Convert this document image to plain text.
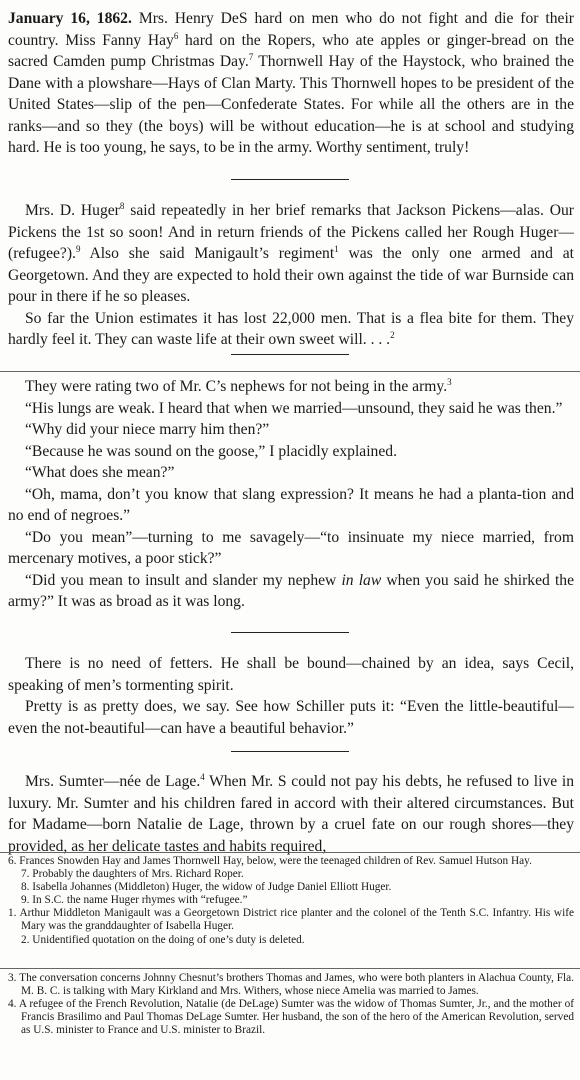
January 16, 1862. Mrs. Henry DeS hard on men who do not fight and die for their country. Miss Fanny Hay$^6$ hard on the Ropers, who ate apples or ginger-bread on the sacred Camden pump Christmas Day.$^7$ Thornwell Hay of the Haystock, who brained the Dane with a plowshare—Hays of Clan Marty. This Thornwell hopes to be president of the United States—slip of the pen—Confederate States. For while all the others are in the ranks—and so they (the boys) will be without education—he is at school and studying hard. He is too young, he says, to be in the army. Worthy sentiment, truly!

Mrs. D. Huger$^8$ said repeatedly in her brief remarks that Jackson Pickens—alas. Our Pickens the 1st so soon! And in return friends of the Pickens called her Rough Huger—(refugee?).$^9$ Also she said Manigault’s regiment$^1$ was the only one armed and at Georgetown. And they are expected to hold their own against the tide of war Burnside can pour in there if he so pleases.

So far the Union estimates it has lost 22,000 men. That is a flea bite for them. They hardly feel it. They can waste life at their own sweet will. . . .$^2$

They were rating two of Mr. C’s nephews for not being in the army.$^3$

“His lungs are weak. I heard that when we married—unsound, they said he was then.”

“Why did your niece marry him then?”

“Because he was sound on the goose,” I placidly explained.

“What does she mean?”

“Oh, mama, don’t you know that slang expression? It means he had a planta-tion and no end of negroes.”

“Do you mean”—turning to me savagely—“to insinuate my niece married, from mercenary motives, a poor stick?”

“Did you mean to insult and slander my nephew in law when you said he shirked the army?” It was as broad as it was long.

There is no need of fetters. He shall be bound—chained by an idea, says Cecil, speaking of men’s tormenting spirit.

Pretty is as pretty does, we say. See how Schiller puts it: “Even the little-beautiful—even the not-beautiful—can have a beautiful behavior.”

Mrs. Sumter—née de Lage.$^4$ When Mr. S could not pay his debts, he refused to live in luxury. Mr. Sumter and his children fared in accord with their altered circumstances. But for Madame—born Natalie de Lage, thrown by a cruel fate on our rough shores—they provided, as her delicate tastes and habits required,

6. Frances Snowden Hay and James Thornwell Hay, below, were the teenaged children of Rev. Samuel Hutson Hay.

7. Probably the daughters of Mrs. Richard Roper.

8. Isabella Johannes (Middleton) Huger, the widow of Judge Daniel Elliott Huger.

9. In S.C. the name Huger rhymes with “refugee.”

1. Arthur Middleton Manigault was a Georgetown District rice planter and the colonel of the Tenth S.C. Infantry. His wife Mary was the granddaughter of Isabella Huger.

2. Unidentified quotation on the doing of one’s duty is deleted.

3. The conversation concerns Johnny Chesnut’s brothers Thomas and James, who were both planters in Alachua County, Fla. M. B. C. is talking with Mary Kirkland and Mrs. Withers, whose niece Amelia was married to James.

4. A refugee of the French Revolution, Natalie (de DeLage) Sumter was the widow of Thomas Sumter, Jr., and the mother of Francis Brasilimo and Paul Thomas DeLage Sumter. Her husband, the son of the hero of the American Revolution, served as U.S. minister to France and U.S. minister to Brazil.
